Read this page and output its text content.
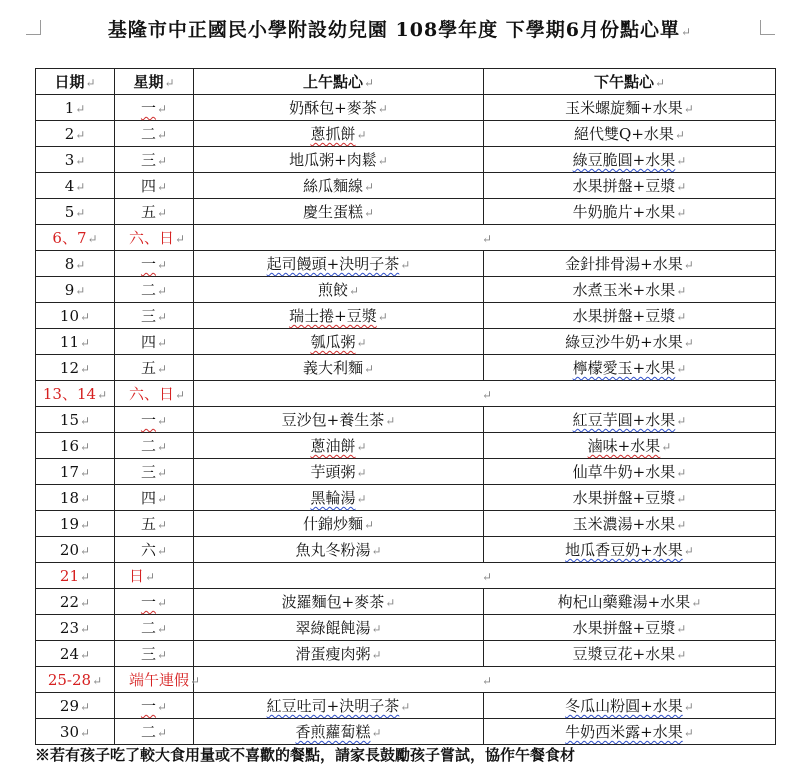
基隆市中正國民小學附設幼兒園 108學年度 下學期6月份點心單↵
日期↵	星期↵	上午點心↵	下午點心↵
1↵	一↵	奶酥包+麥茶↵	玉米螺旋麵+水果↵
2↵	二↵	蔥抓餅↵	絕代雙Q+水果↵
3↵	三↵	地瓜粥+肉鬆↵	綠豆脆圓+水果↵
4↵	四↵	絲瓜麵線↵	水果拼盤+豆漿↵
5↵	五↵	慶生蛋糕↵	牛奶脆片+水果↵
6、7↵	六、日↵	↵	
8↵	一↵	起司饅頭+決明子茶↵	金針排骨湯+水果↵
9↵	二↵	煎餃↵	水煮玉米+水果↵
10↵	三↵	瑞士捲+豆漿↵	水果拼盤+豆漿↵
11↵	四↵	瓠瓜粥↵	綠豆沙牛奶+水果↵
12↵	五↵	義大利麵↵	檸檬愛玉+水果↵
13、14↵	六、日↵	↵	
15↵	一↵	豆沙包+養生茶↵	紅豆芋圓+水果↵
16↵	二↵	蔥油餅↵	滷味+水果↵
17↵	三↵	芋頭粥↵	仙草牛奶+水果↵
18↵	四↵	黑輪湯↵	水果拼盤+豆漿↵
19↵	五↵	什錦炒麵↵	玉米濃湯+水果↵
20↵	六↵	魚丸冬粉湯↵	地瓜香豆奶+水果↵
21↵	日↵	↵	
22↵	一↵	波羅麵包+麥茶↵	枸杞山藥雞湯+水果↵
23↵	二↵	翠綠餛飩湯↵	水果拼盤+豆漿↵
24↵	三↵	滑蛋瘦肉粥↵	豆漿豆花+水果↵
25-28↵	端午連假↵	↵	
29↵	一↵	紅豆吐司+決明子茶↵	冬瓜山粉圓+水果↵
30↵	二↵	香煎蘿蔔糕↵	牛奶西米露+水果↵
※若有孩子吃了較大食用量或不喜歡的餐點，請家長鼓勵孩子嘗試，協作午餐食材
